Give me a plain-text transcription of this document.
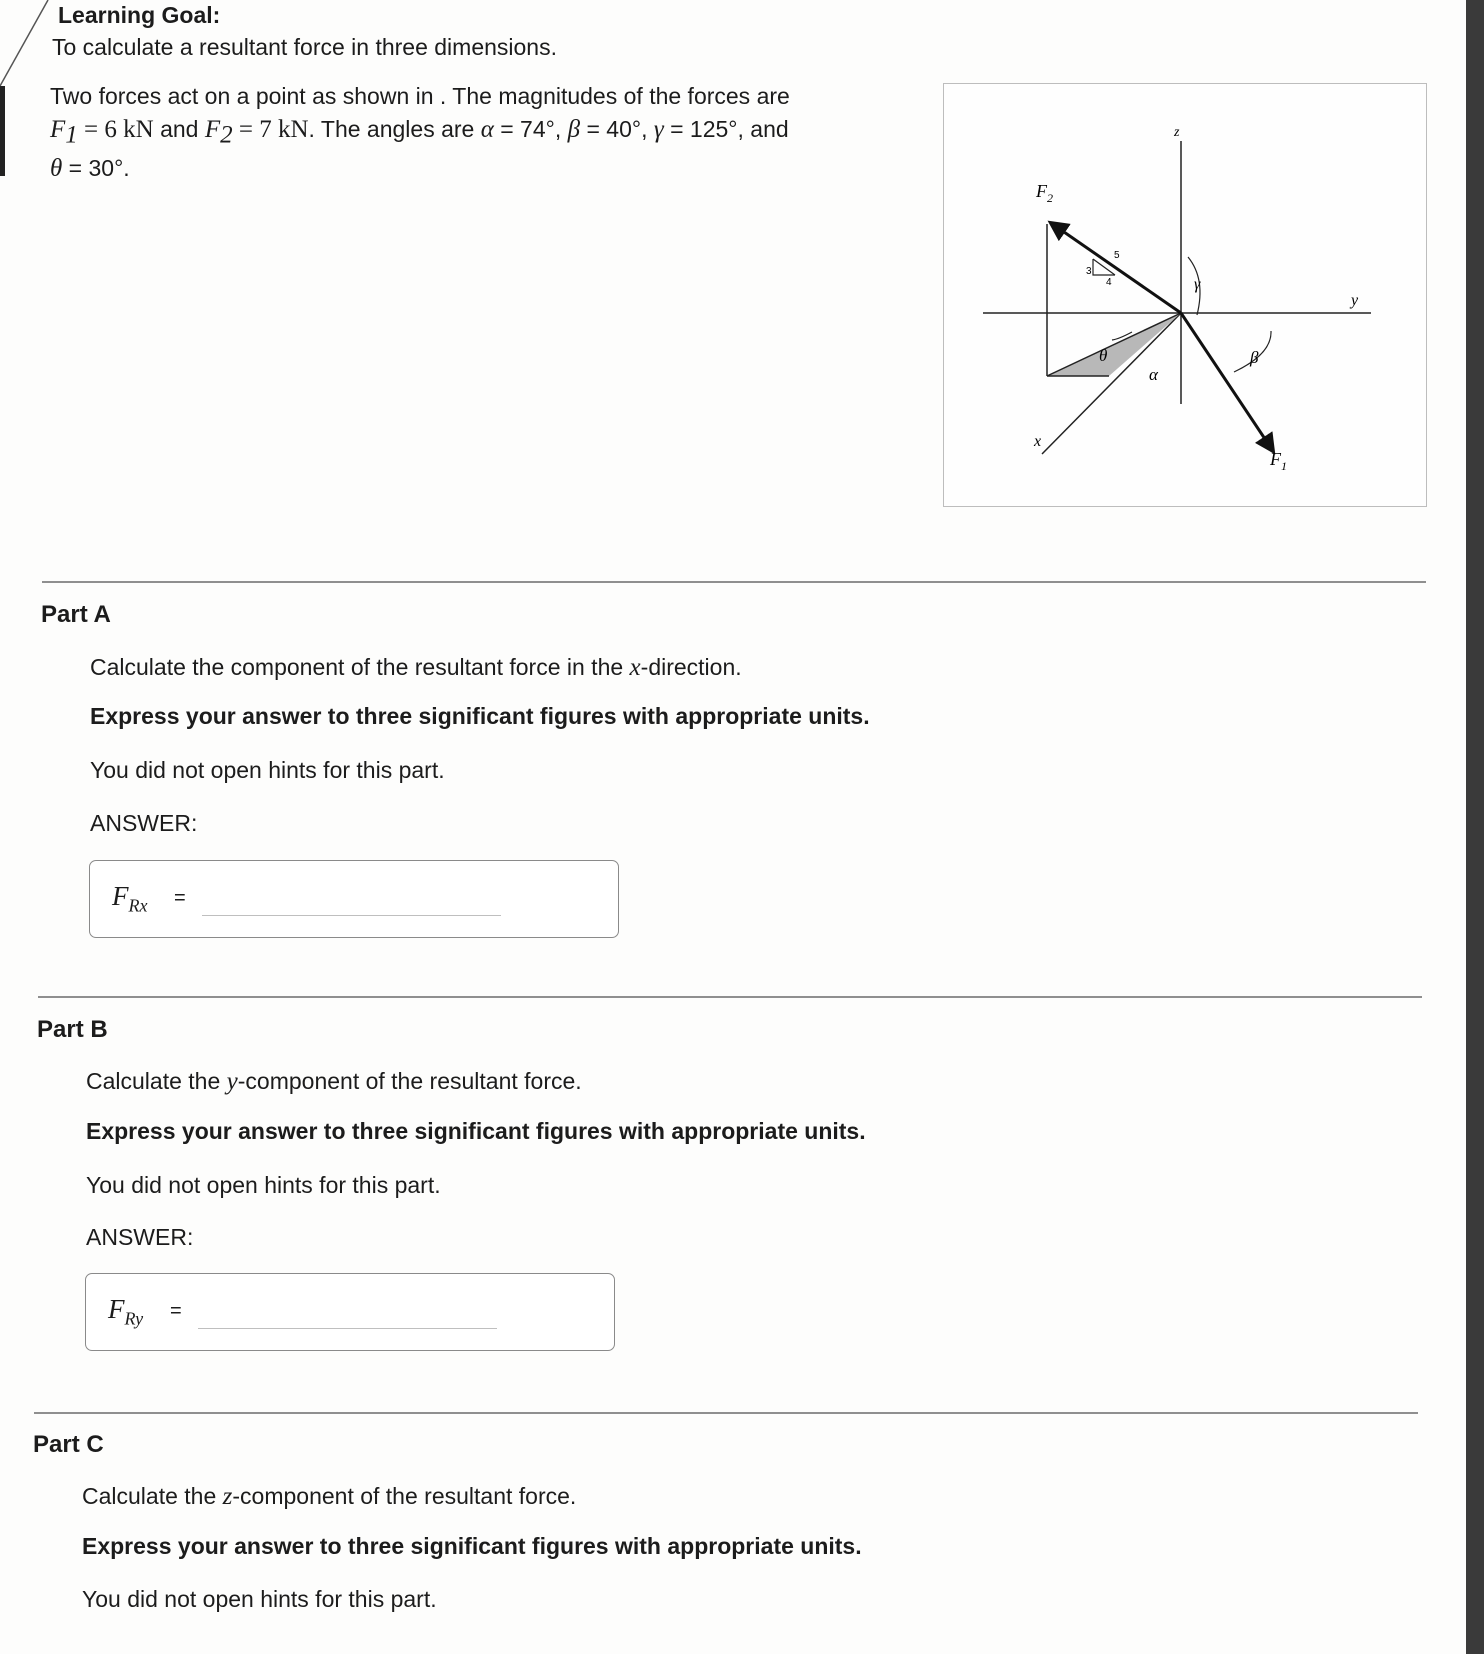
Learning Goal:
To calculate a resultant force in three dimensions.
Two forces act on a point as shown in . The magnitudes of the forces are
$F_1 = 6$ kN and $F_2 = 7$ kN. The angles are α = 74°, β = 40°, γ = 125°, and
θ = 30°.
z
y
x
$F_2$
$F_1$
3
4
5
θ
α
β
γ
Part A
Calculate the component of the resultant force in the x-direction.
Express your answer to three significant figures with appropriate units.
You did not open hints for this part.
ANSWER:
$F_{Rx}$ =
Part B
Calculate the y-component of the resultant force.
Express your answer to three significant figures with appropriate units.
You did not open hints for this part.
ANSWER:
$F_{Ry}$ =
Part C
Calculate the z-component of the resultant force.
Express your answer to three significant figures with appropriate units.
You did not open hints for this part.
